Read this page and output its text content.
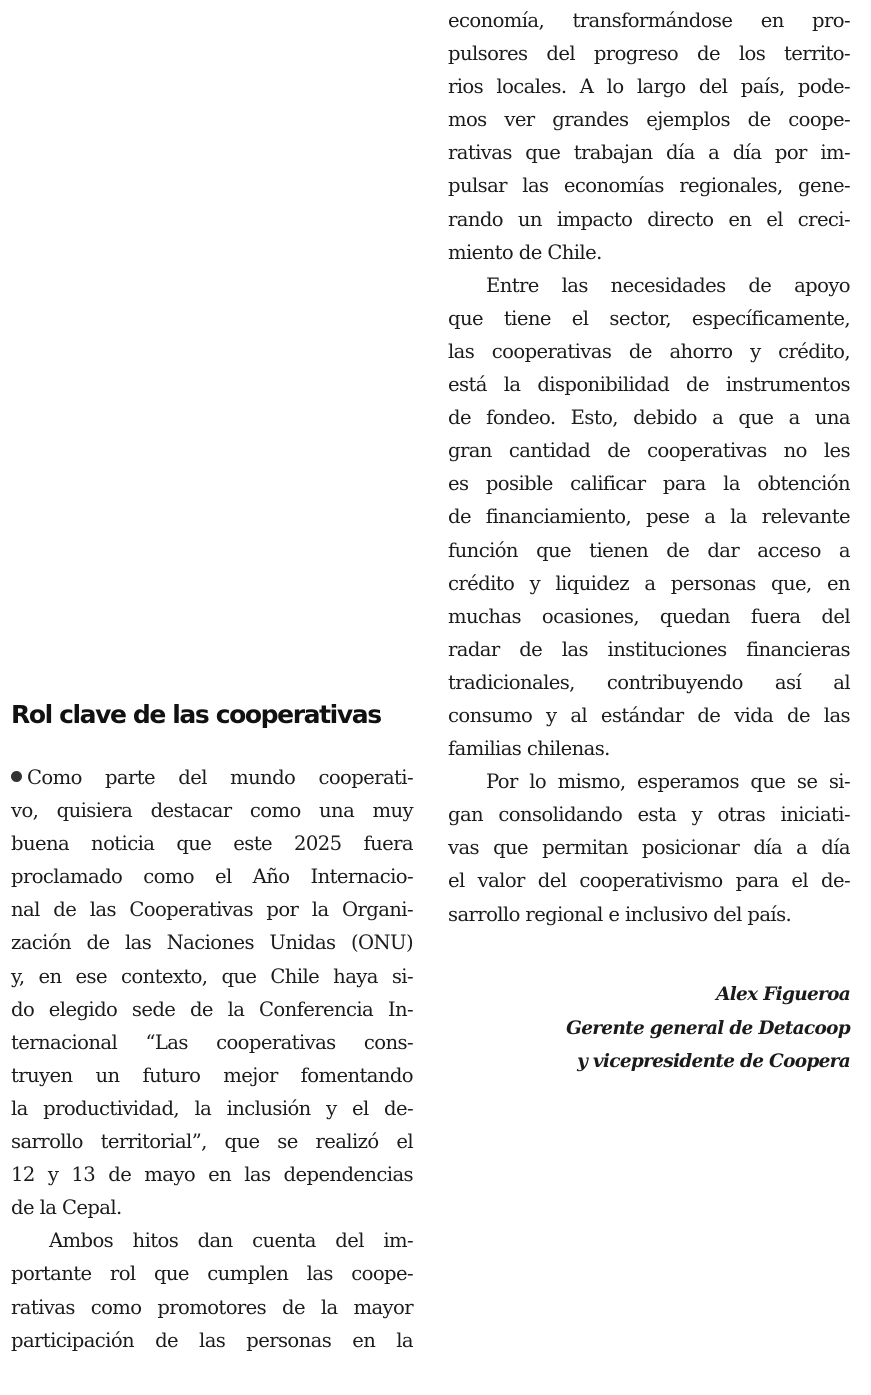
Rol clave de las cooperativas
Como parte del mundo cooperati-
vo, quisiera destacar como una muy
buena noticia que este 2025 fuera
proclamado como el Año Internacio-
nal de las Cooperativas por la Organi-
zación de las Naciones Unidas (ONU)
y, en ese contexto, que Chile haya si-
do elegido sede de la Conferencia In-
ternacional “Las cooperativas cons-
truyen un futuro mejor fomentando
la productividad, la inclusión y el de-
sarrollo territorial”, que se realizó el
12 y 13 de mayo en las dependencias
de la Cepal.
Ambos hitos dan cuenta del im-
portante rol que cumplen las coope-
rativas como promotores de la mayor
participación de las personas en la
economía, transformándose en pro-
pulsores del progreso de los territo-
rios locales. A lo largo del país, pode-
mos ver grandes ejemplos de coope-
rativas que trabajan día a día por im-
pulsar las economías regionales, gene-
rando un impacto directo en el creci-
miento de Chile.
Entre las necesidades de apoyo
que tiene el sector, específicamente,
las cooperativas de ahorro y crédito,
está la disponibilidad de instrumentos
de fondeo. Esto, debido a que a una
gran cantidad de cooperativas no les
es posible calificar para la obtención
de financiamiento, pese a la relevante
función que tienen de dar acceso a
crédito y liquidez a personas que, en
muchas ocasiones, quedan fuera del
radar de las instituciones financieras
tradicionales, contribuyendo así al
consumo y al estándar de vida de las
familias chilenas.
Por lo mismo, esperamos que se si-
gan consolidando esta y otras iniciati-
vas que permitan posicionar día a día
el valor del cooperativismo para el de-
sarrollo regional e inclusivo del país.
Alex Figueroa
Gerente general de Detacoop
y vicepresidente de Coopera
